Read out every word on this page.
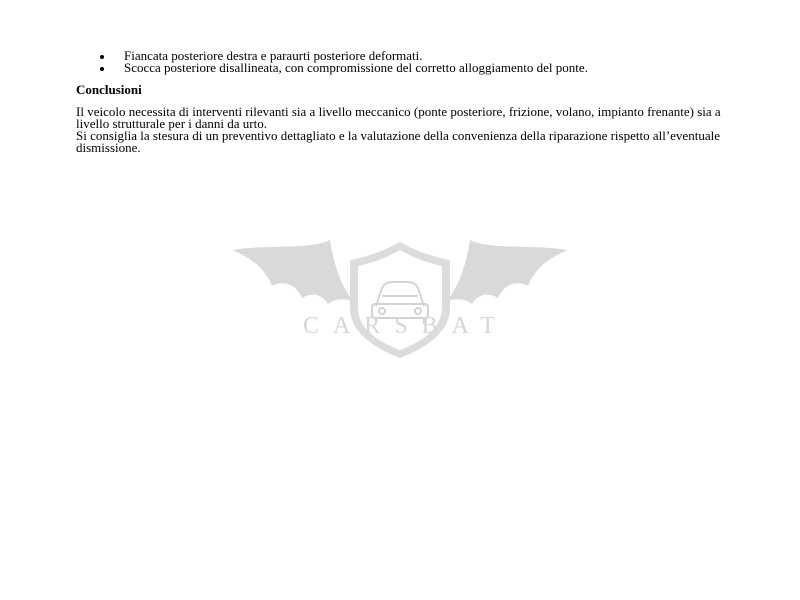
Fiancata posteriore destra e paraurti posteriore deformati.
Scocca posteriore disallineata, con compromissione del corretto alloggiamento del ponte.
Conclusioni

Il veicolo necessita di interventi rilevanti sia a livello meccanico (ponte posteriore, frizione, volano, impianto frenante) sia a livello strutturale per i danni da urto.

Si consiglia la stesura di un preventivo dettagliato e la valutazione della convenienza della riparazione rispetto all’eventuale dismissione.

CARSBAT
